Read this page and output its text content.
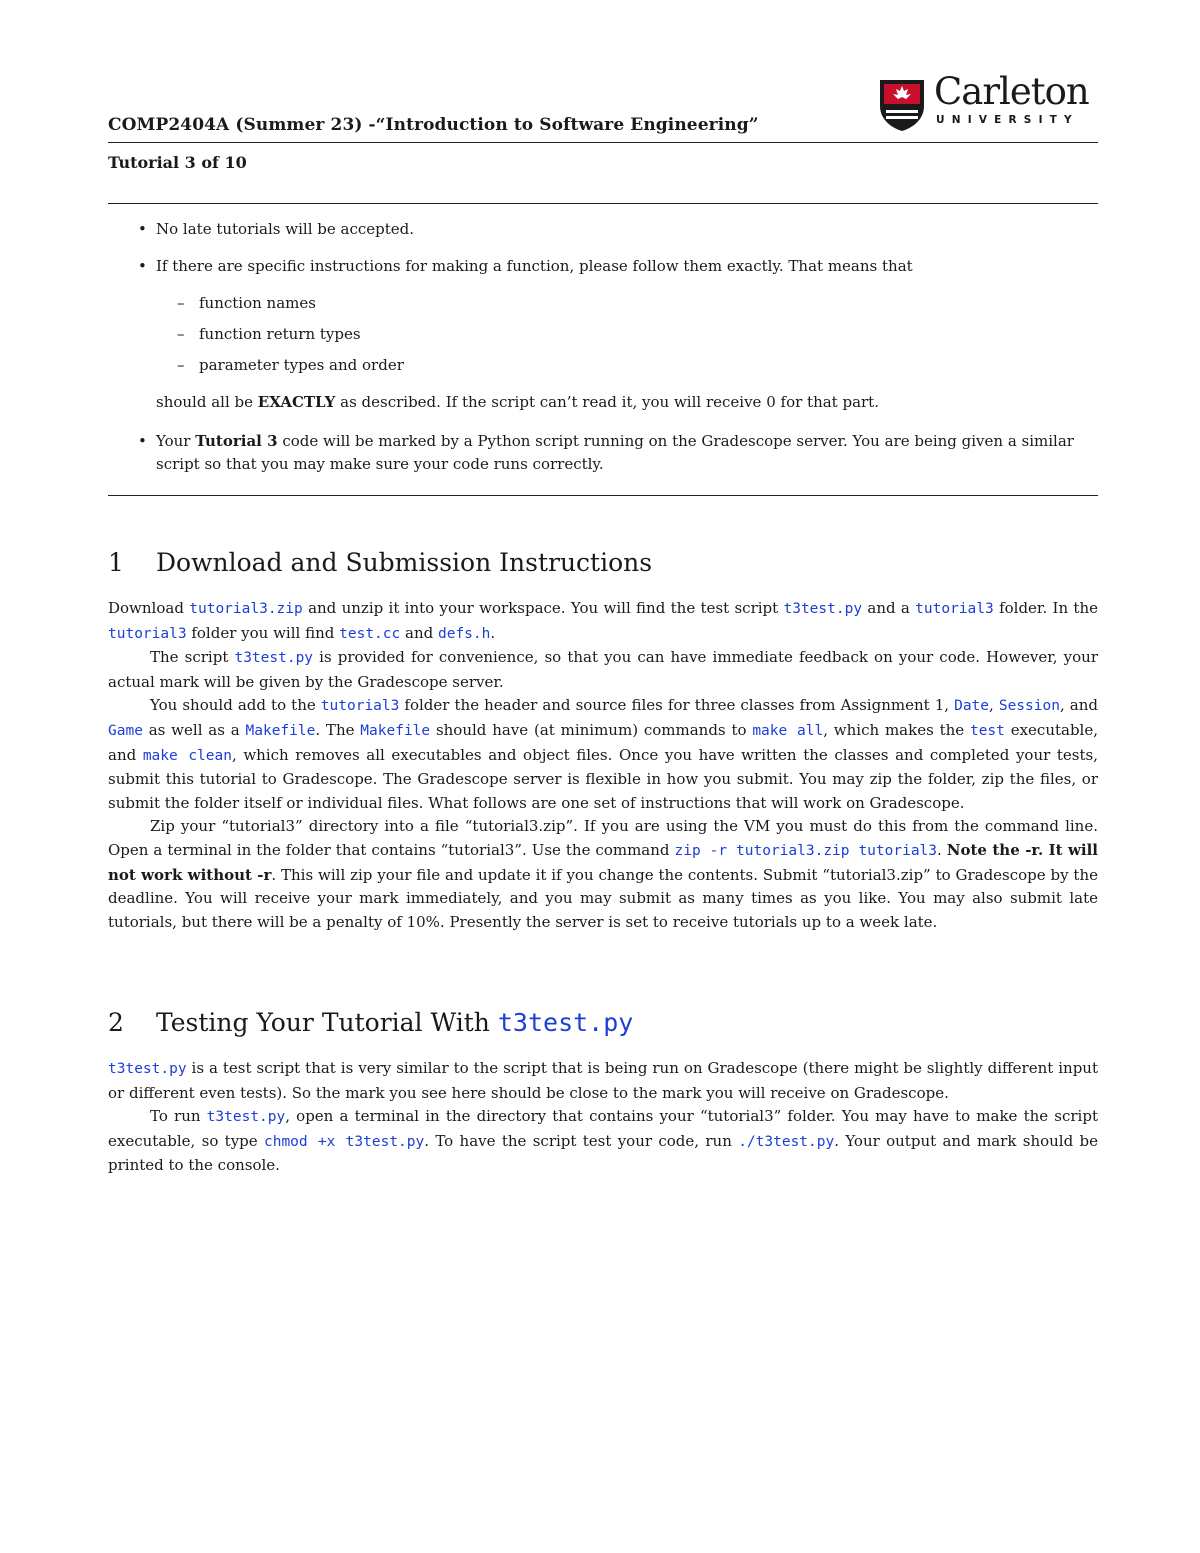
COMP2404A (Summer 23) -“Introduction to Software Engineering”
Carleton
UNIVERSITY
Tutorial 3 of 10
• No late tutorials will be accepted.
• If there are specific instructions for making a function, please follow them exactly. That means that
– function names
– function return types
– parameter types and order
should all be EXACTLY as described. If the script can’t read it, you will receive 0 for that part.
• Your Tutorial 3 code will be marked by a Python script running on the Gradescope server. You are being given a similar script so that you may make sure your code runs correctly.
1 Download and Submission Instructions

Download tutorial3.zip and unzip it into your workspace. You will find the test script t3test.py and a tutorial3 folder. In the tutorial3 folder you will find test.cc and defs.h.

The script t3test.py is provided for convenience, so that you can have immediate feedback on your code. However, your actual mark will be given by the Gradescope server.

You should add to the tutorial3 folder the header and source files for three classes from Assignment 1, Date, Session, and Game as well as a Makefile. The Makefile should have (at minimum) commands to make all, which makes the test executable, and make clean, which removes all executables and object files. Once you have written the classes and completed your tests, submit this tutorial to Gradescope. The Gradescope server is flexible in how you submit. You may zip the folder, zip the files, or submit the folder itself or individual files. What follows are one set of instructions that will work on Gradescope.

Zip your “tutorial3” directory into a file “tutorial3.zip”. If you are using the VM you must do this from the command line. Open a terminal in the folder that contains “tutorial3”. Use the command zip -r tutorial3.zip tutorial3. Note the -r. It will not work without -r. This will zip your file and update it if you change the contents. Submit “tutorial3.zip” to Gradescope by the deadline. You will receive your mark immediately, and you may submit as many times as you like. You may also submit late tutorials, but there will be a penalty of 10%. Presently the server is set to receive tutorials up to a week late.

2 Testing Your Tutorial With t3test.py

t3test.py is a test script that is very similar to the script that is being run on Gradescope (there might be slightly different input or different even tests). So the mark you see here should be close to the mark you will receive on Gradescope.

To run t3test.py, open a terminal in the directory that contains your “tutorial3” folder. You may have to make the script executable, so type chmod +x t3test.py. To have the script test your code, run ./t3test.py. Your output and mark should be printed to the console.
